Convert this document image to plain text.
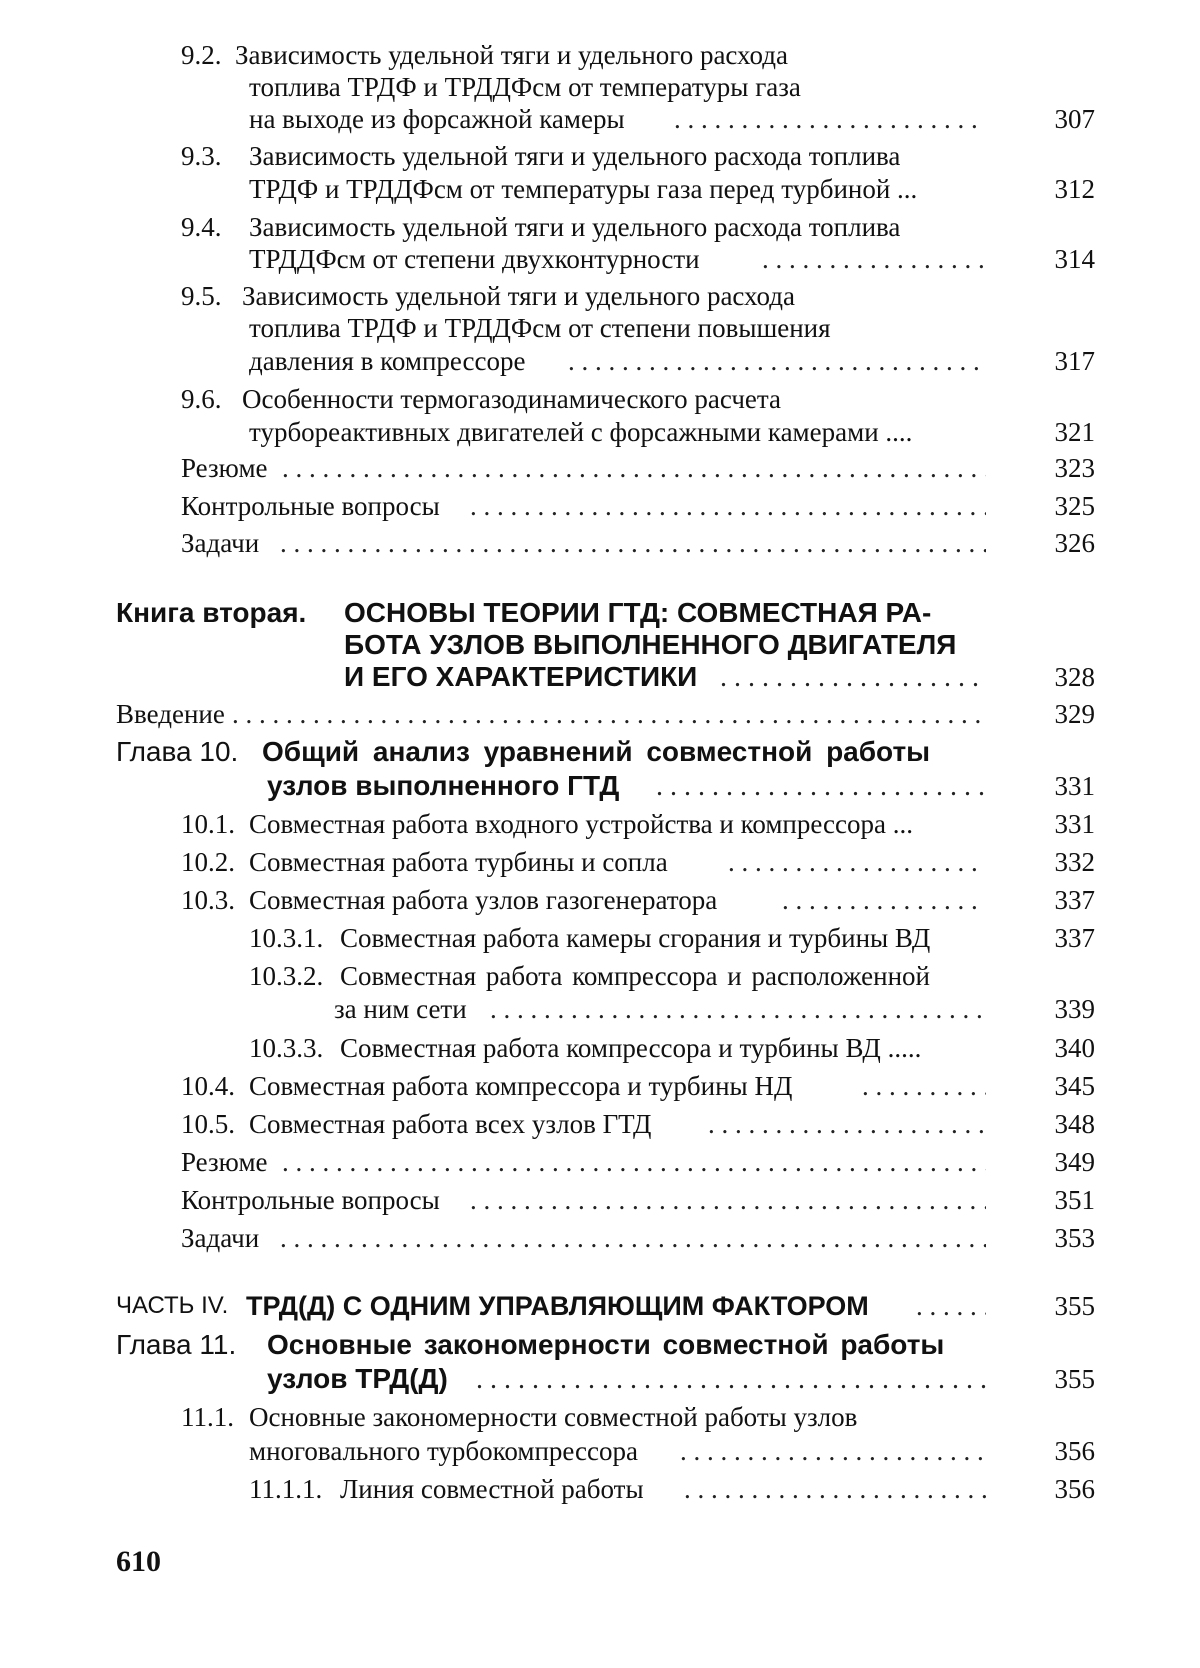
9.2. Зависимость удельной тяги и удельного расхода
топлива ТРДФ и ТРДДФсм от температуры газа
на выходе из форсажной камеры . . .	307
9.3. Зависимость удельной тяги и удельного расхода топлива
ТРДФ и ТРДДФсм от температуры газа перед турбиной ...	312
9.4. Зависимость удельной тяги и удельного расхода топлива
ТРДДФсм от степени двухконтурности . . .	314
9.5. Зависимость удельной тяги и удельного расхода
топлива ТРДФ и ТРДДФсм от степени повышения
давления в компрессоре . . .	317
9.6. Особенности термогазодинамического расчета
турбореактивных двигателей с форсажными камерами ....	321
Резюме . . .	323
Контрольные вопросы . . .	325
Задачи . . .	326
Книга вторая. ОСНОВЫ ТЕОРИИ ГТД: СОВМЕСТНАЯ РА-
БОТА УЗЛОВ ВЫПОЛНЕННОГО ДВИГАТЕЛЯ
И ЕГО ХАРАКТЕРИСТИКИ . . .	328
Введение . . .	329
Глава 10. Общий анализ уравнений совместной работы
узлов выполненного ГТД . . .	331
10.1. Совместная работа входного устройства и компрессора ...	331
10.2. Совместная работа турбины и сопла . . .	332
10.3. Совместная работа узлов газогенератора . . .	337
10.3.1. Совместная работа камеры сгорания и турбины ВД	337
10.3.2. Совместная работа компрессора и расположенной
за ним сети . . .	339
10.3.3. Совместная работа компрессора и турбины ВД .....	340
10.4. Совместная работа компрессора и турбины НД . . .	345
10.5. Совместная работа всех узлов ГТД . . .	348
Резюме . . .	349
Контрольные вопросы . . .	351
Задачи . . .	353
ЧАСТЬ IV. ТРД(Д) С ОДНИМ УПРАВЛЯЮЩИМ ФАКТОРОМ . . .	355
Глава 11. Основные закономерности совместной работы
узлов ТРД(Д) . . .	355
11.1. Основные закономерности совместной работы узлов
многовального турбокомпрессора . . .	356
11.1.1. Линия совместной работы . . .	356
610
